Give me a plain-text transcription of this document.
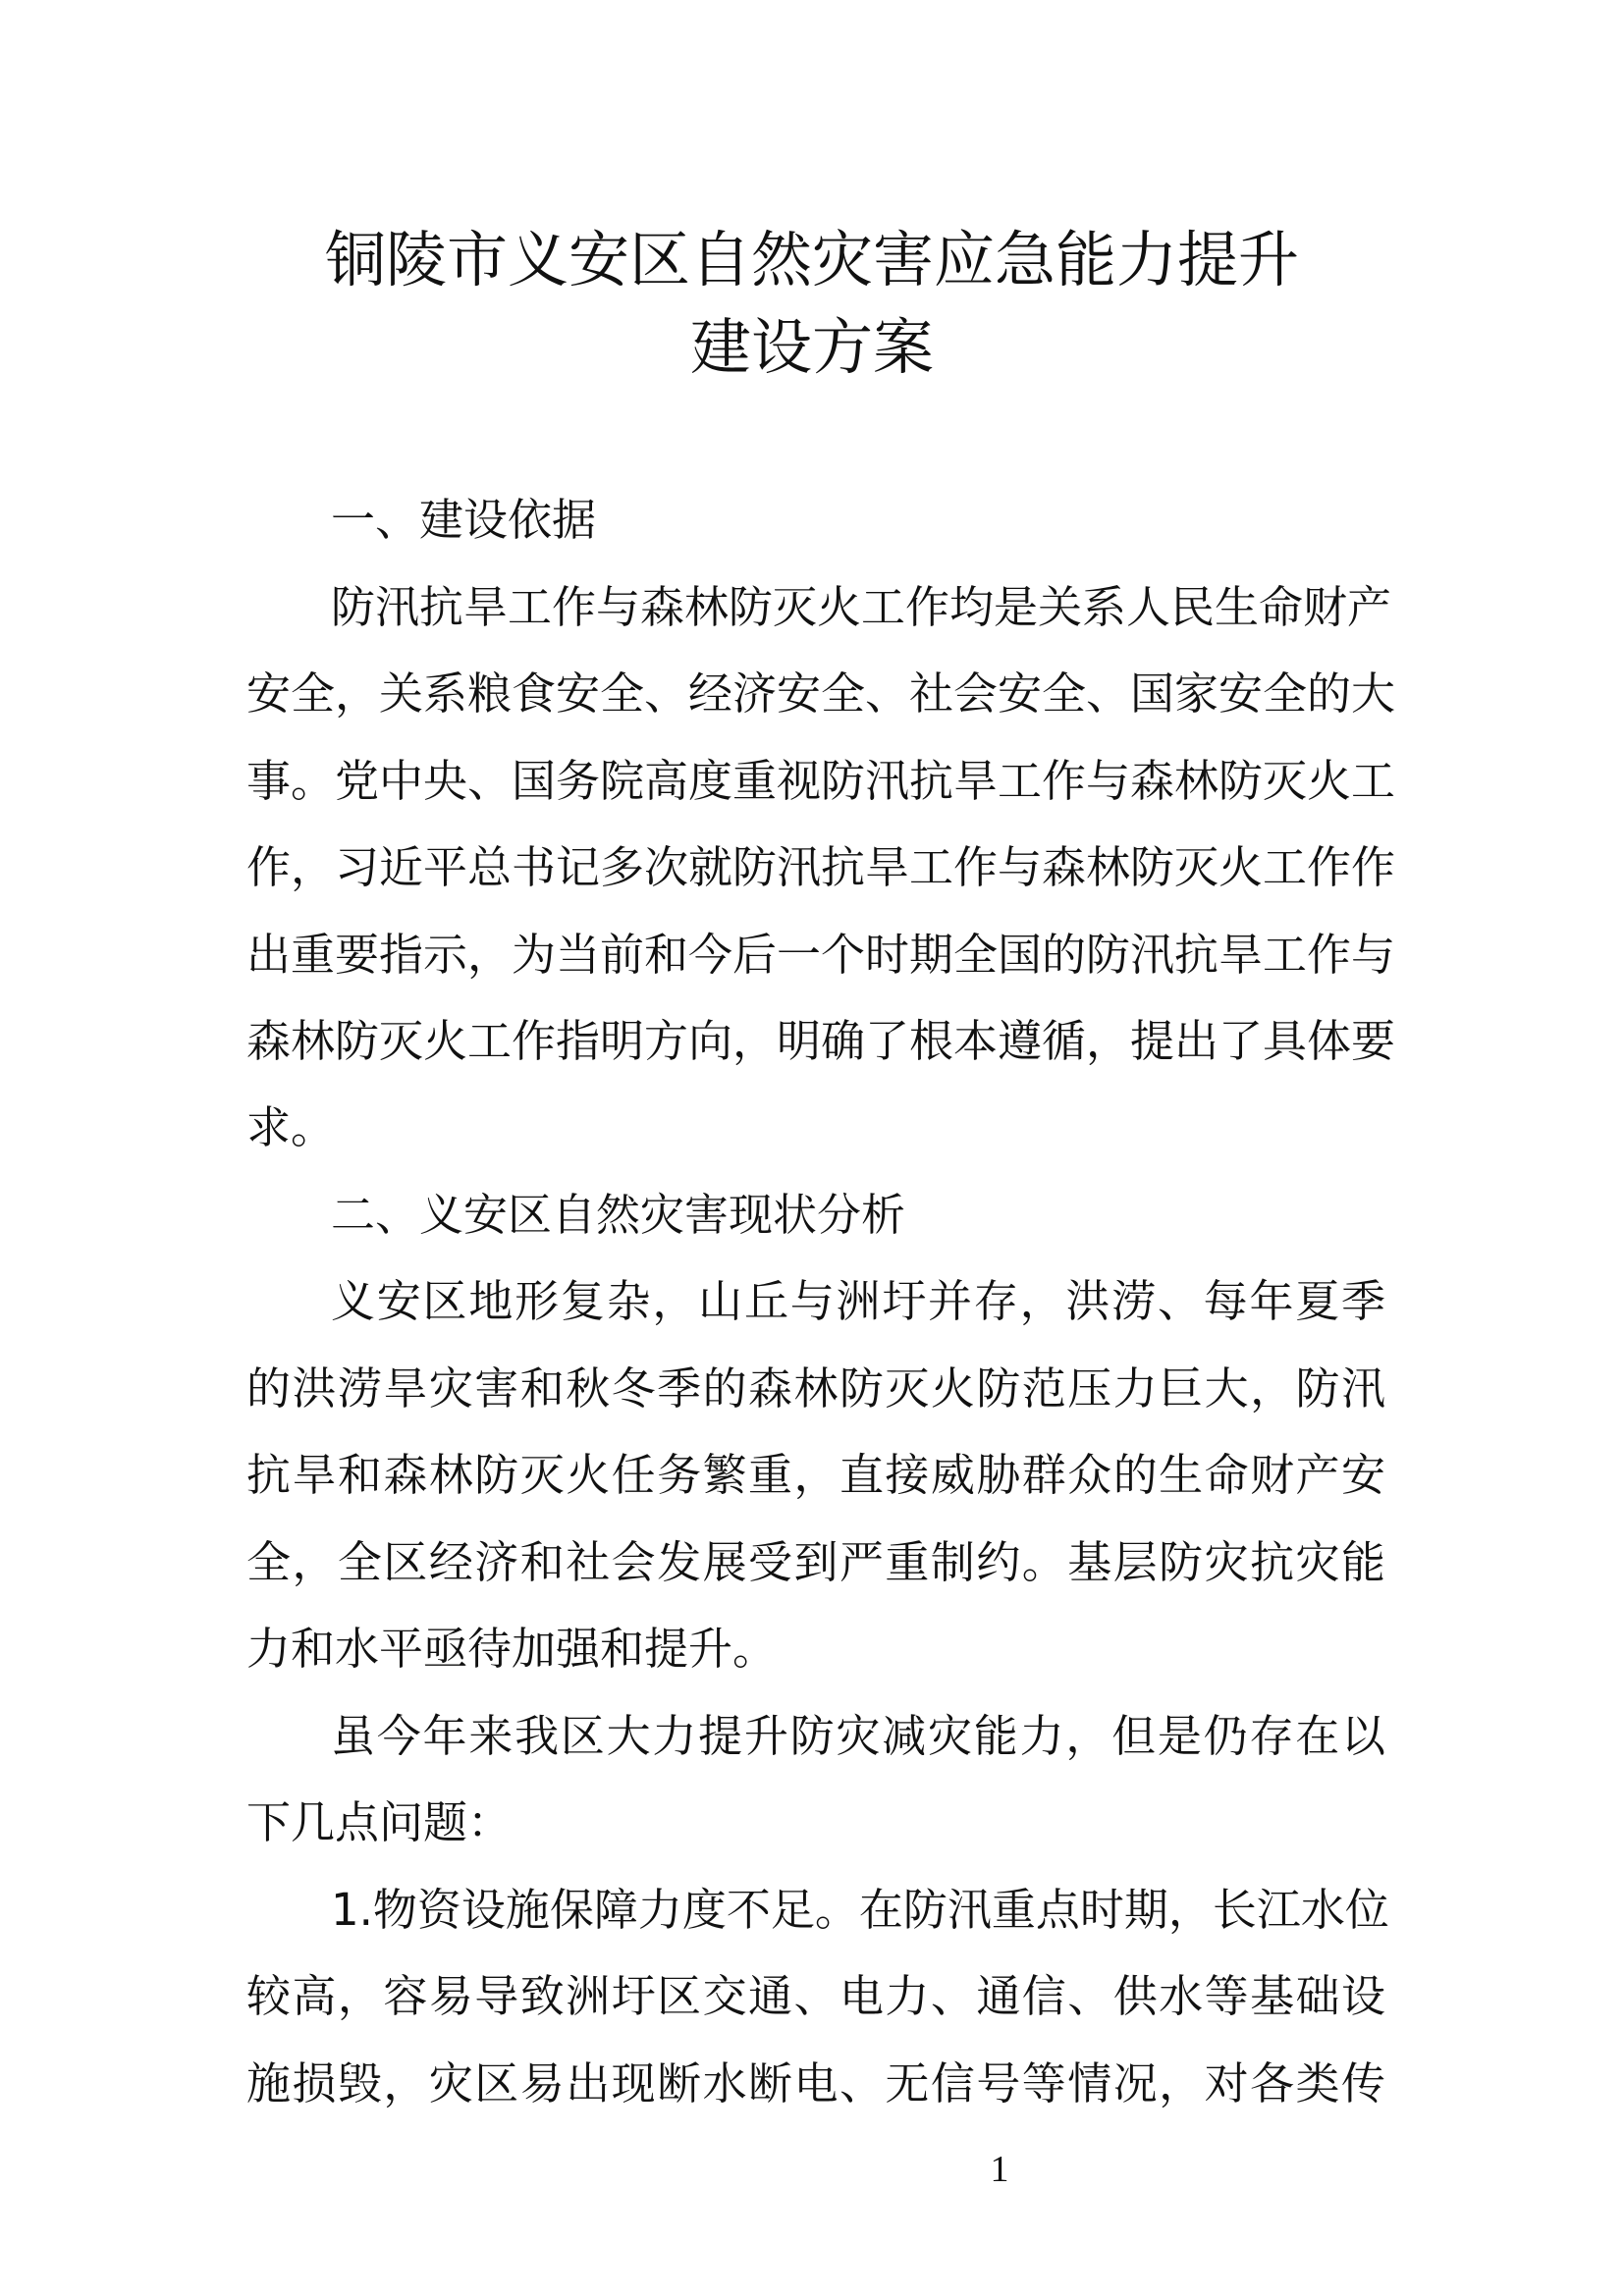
铜陵市义安区自然灾害应急能力提升
建设方案
一、建设依据
防汛抗旱工作与森林防灭火工作均是关系人民生命财产
安全，关系粮食安全、经济安全、社会安全、国家安全的大
事。党中央、国务院高度重视防汛抗旱工作与森林防灭火工
作，习近平总书记多次就防汛抗旱工作与森林防灭火工作作
出重要指示，为当前和今后一个时期全国的防汛抗旱工作与
森林防灭火工作指明方向，明确了根本遵循，提出了具体要
求。
二、义安区自然灾害现状分析
义安区地形复杂，山丘与洲圩并存，洪涝、每年夏季
的洪涝旱灾害和秋冬季的森林防灭火防范压力巨大，防汛
抗旱和森林防灭火任务繁重，直接威胁群众的生命财产安
全，全区经济和社会发展受到严重制约。基层防灾抗灾能
力和水平亟待加强和提升。
虽今年来我区大力提升防灾减灾能力，但是仍存在以
下几点问题：
1.物资设施保障力度不足。在防汛重点时期，长江水位
较高，容易导致洲圩区交通、电力、通信、供水等基础设
施损毁，灾区易出现断水断电、无信号等情况，对各类传
1
